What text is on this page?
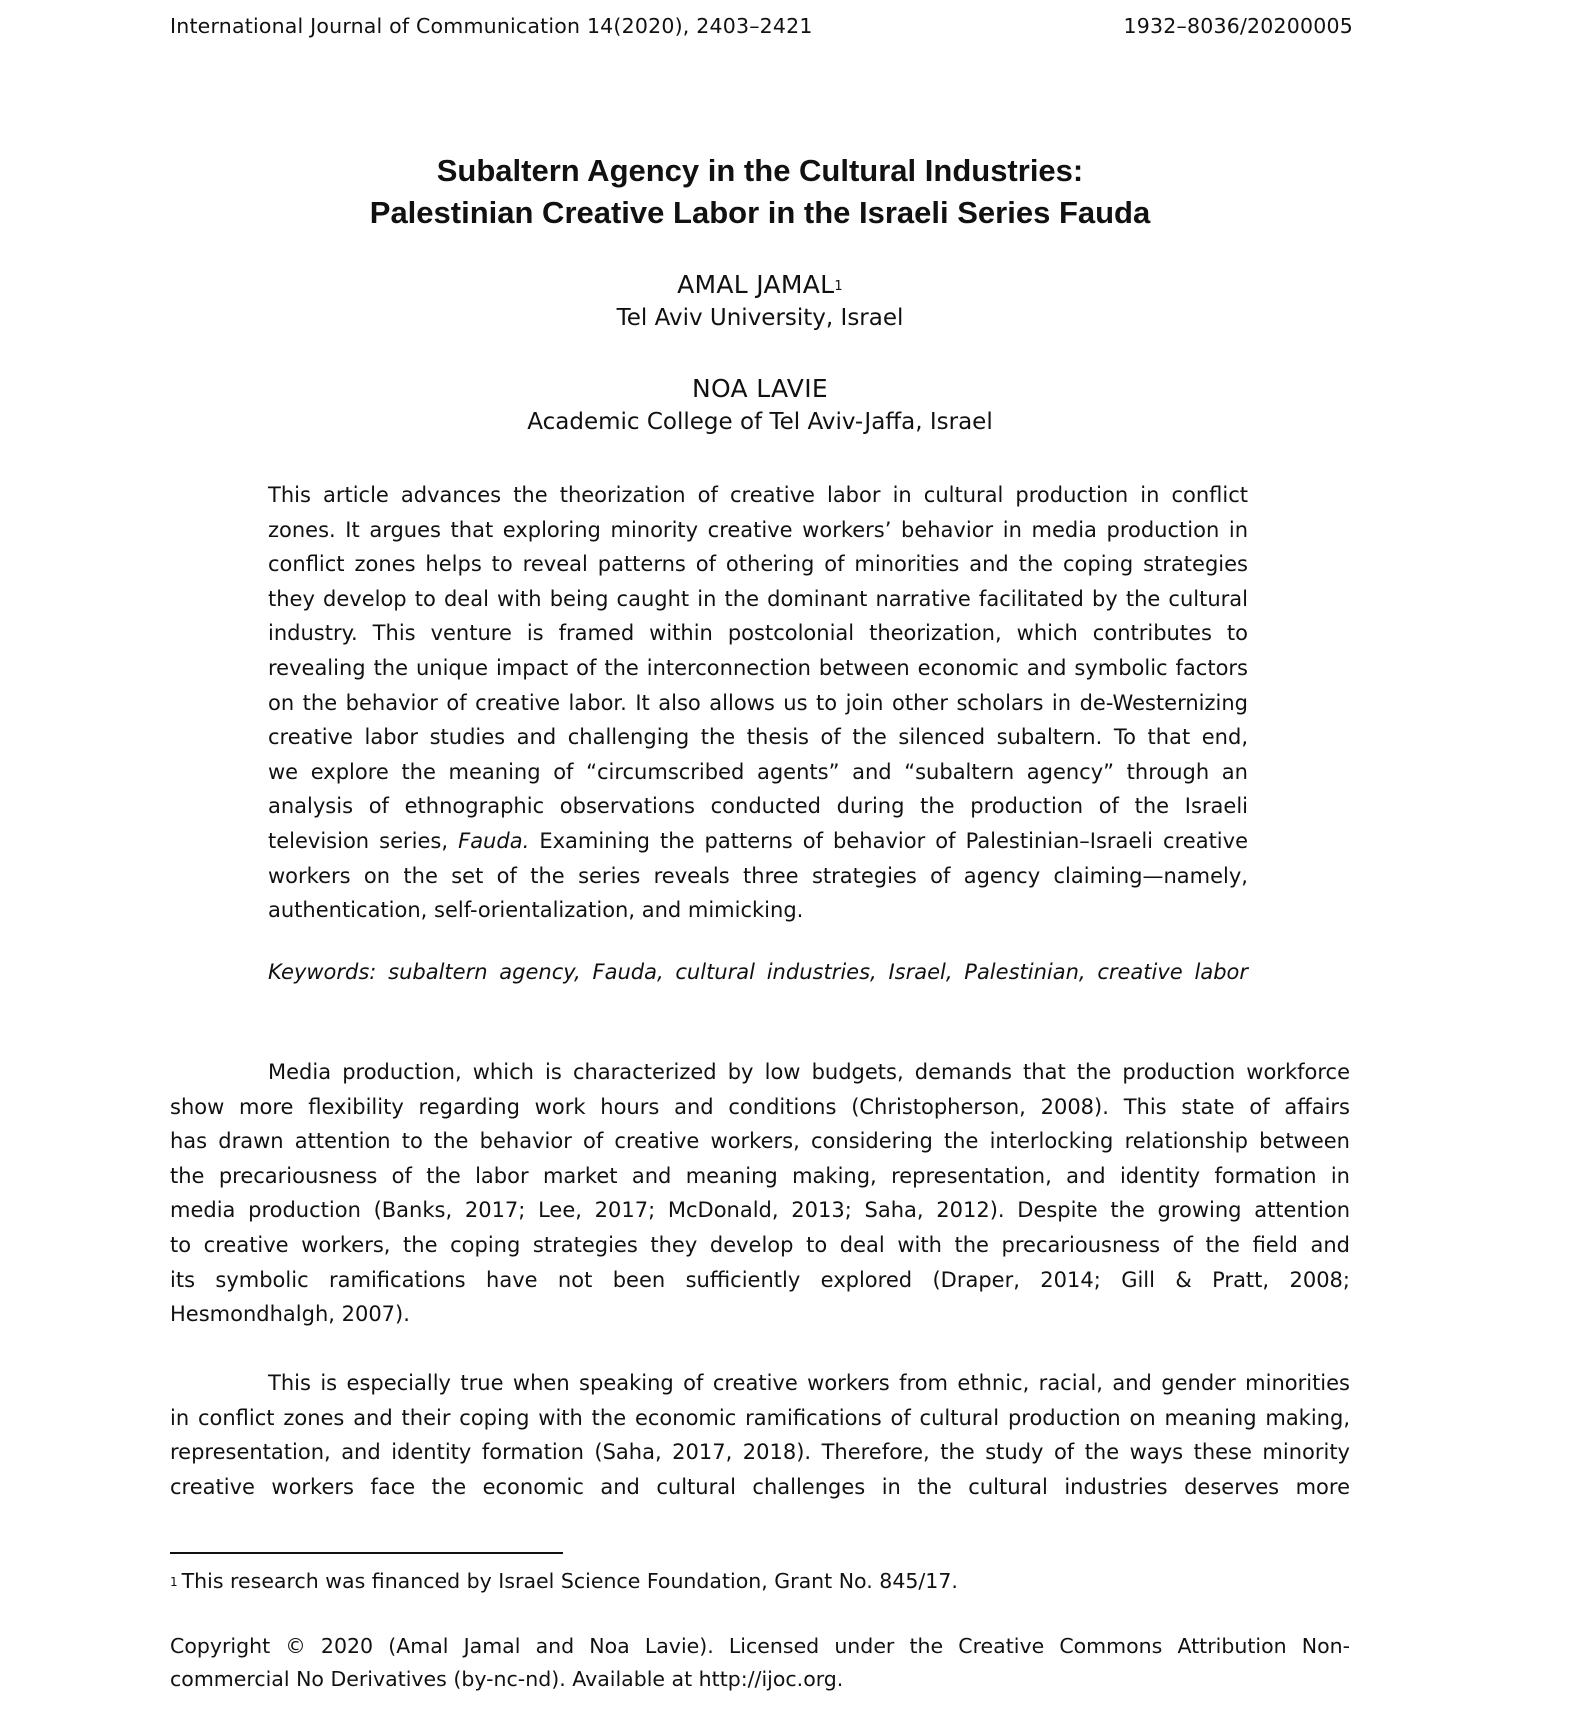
International Journal of Communication 14(2020), 2403–2421	1932–8036/20200005
Subaltern Agency in the Cultural Industries:
Palestinian Creative Labor in the Israeli Series Fauda
AMAL JAMAL$^1$
Tel Aviv University, Israel
NOA LAVIE
Academic College of Tel Aviv-Jaffa, Israel
This article advances the theorization of creative labor in cultural production in conflict
zones. It argues that exploring minority creative workers’ behavior in media production in
conflict zones helps to reveal patterns of othering of minorities and the coping strategies
they develop to deal with being caught in the dominant narrative facilitated by the cultural
industry. This venture is framed within postcolonial theorization, which contributes to
revealing the unique impact of the interconnection between economic and symbolic factors
on the behavior of creative labor. It also allows us to join other scholars in de-Westernizing
creative labor studies and challenging the thesis of the silenced subaltern. To that end,
we explore the meaning of “circumscribed agents” and “subaltern agency” through an
analysis of ethnographic observations conducted during the production of the Israeli
television series, Fauda. Examining the patterns of behavior of Palestinian–Israeli creative
workers on the set of the series reveals three strategies of agency claiming—namely,
authentication, self-orientalization, and mimicking.
Keywords: subaltern agency, Fauda, cultural industries, Israel, Palestinian, creative labor
Media production, which is characterized by low budgets, demands that the production workforce
show more flexibility regarding work hours and conditions (Christopherson, 2008). This state of affairs
has drawn attention to the behavior of creative workers, considering the interlocking relationship between
the precariousness of the labor market and meaning making, representation, and identity formation in
media production (Banks, 2017; Lee, 2017; McDonald, 2013; Saha, 2012). Despite the growing attention
to creative workers, the coping strategies they develop to deal with the precariousness of the field and
its symbolic ramifications have not been sufficiently explored (Draper, 2014; Gill & Pratt, 2008;
Hesmondhalgh, 2007).
This is especially true when speaking of creative workers from ethnic, racial, and gender minorities
in conflict zones and their coping with the economic ramifications of cultural production on meaning making,
representation, and identity formation (Saha, 2017, 2018). Therefore, the study of the ways these minority
creative workers face the economic and cultural challenges in the cultural industries deserves more
$^1$ This research was financed by Israel Science Foundation, Grant No. 845/17.
Copyright © 2020 (Amal Jamal and Noa Lavie). Licensed under the Creative Commons Attribution Non-
commercial No Derivatives (by-nc-nd). Available at http://ijoc.org.
